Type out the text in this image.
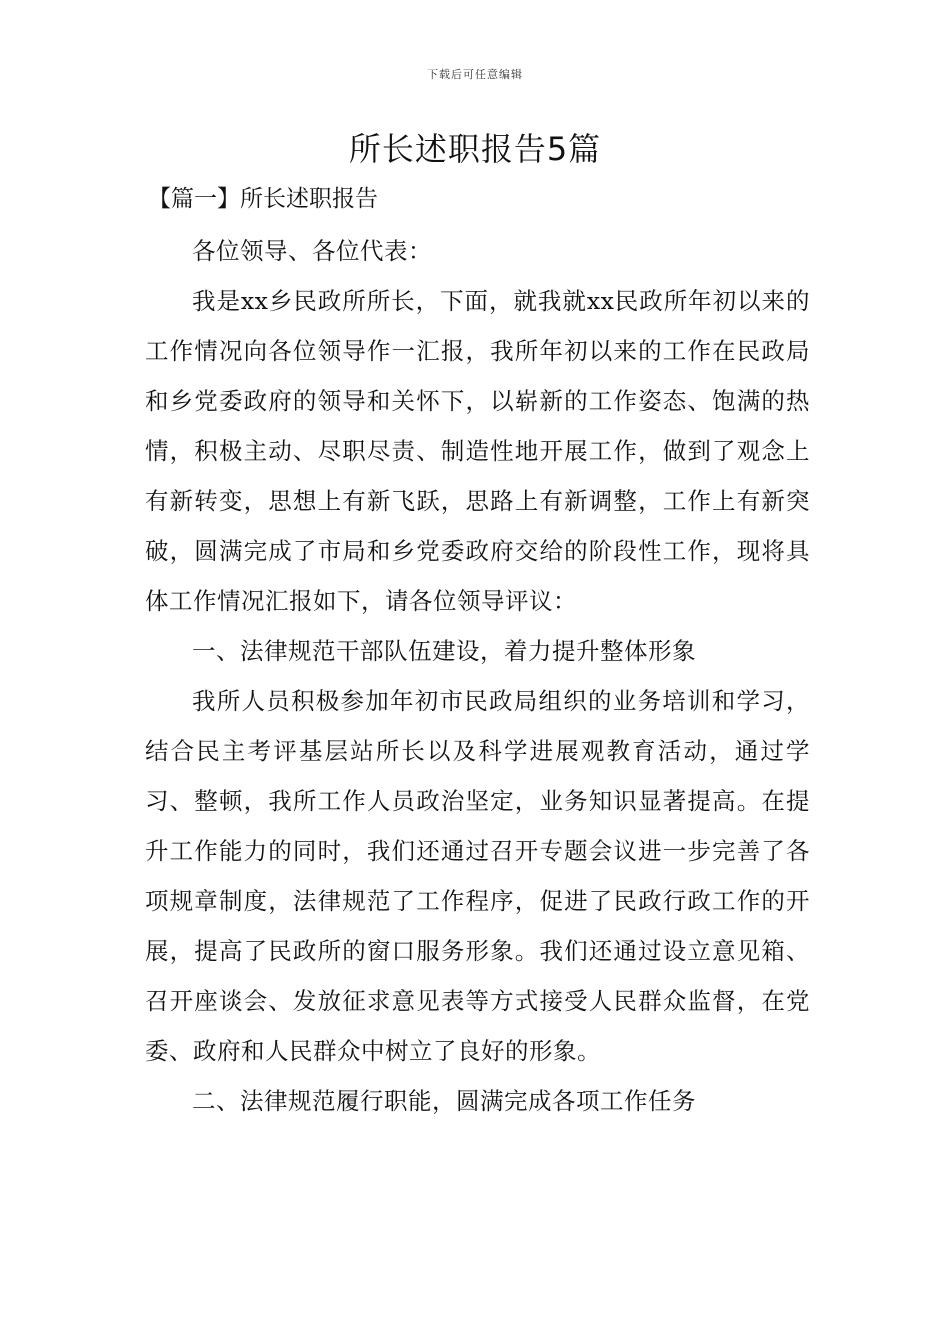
下载后可任意编辑
所长述职报告5篇
【篇一】所长述职报告

各位领导、各位代表：

我是xx乡民政所所长，下面，就我就xx民政所年初以来的工作情况向各位领导作一汇报，我所年初以来的工作在民政局和乡党委政府的领导和关怀下，以崭新的工作姿态、饱满的热情，积极主动、尽职尽责、制造性地开展工作，做到了观念上有新转变，思想上有新飞跃，思路上有新调整，工作上有新突破，圆满完成了市局和乡党委政府交给的阶段性工作，现将具体工作情况汇报如下，请各位领导评议：

一、法律规范干部队伍建设，着力提升整体形象

我所人员积极参加年初市民政局组织的业务培训和学习，结合民主考评基层站所长以及科学进展观教育活动，通过学习、整顿，我所工作人员政治坚定，业务知识显著提高。在提升工作能力的同时，我们还通过召开专题会议进一步完善了各项规章制度，法律规范了工作程序，促进了民政行政工作的开展，提高了民政所的窗口服务形象。我们还通过设立意见箱、召开座谈会、发放征求意见表等方式接受人民群众监督，在党委、政府和人民群众中树立了良好的形象。

二、法律规范履行职能，圆满完成各项工作任务
